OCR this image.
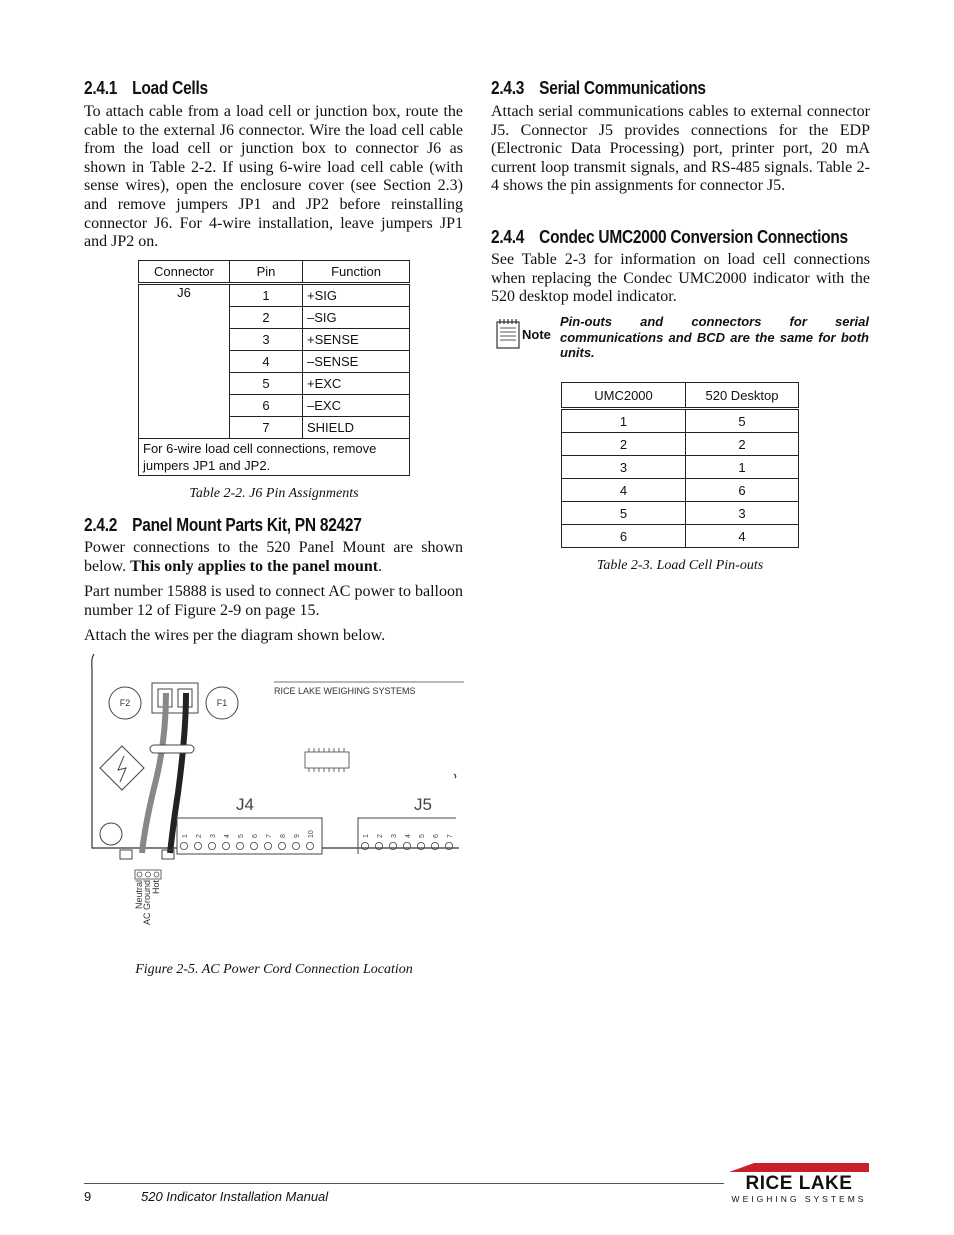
2.4.1 Load Cells

To attach cable from a load cell or junction box, route the cable to the external J6 connector. Wire the load cell cable from the load cell or junction box to connector J6 as shown in Table 2-2. If using 6-wire load cell cable (with sense wires), open the enclosure cover (see Section 2.3) and remove jumpers JP1 and JP2 before reinstalling connector J6. For 4-wire installation, leave jumpers JP1 and JP2 on.

Connector	Pin	Function
J6	1	+SIG
	2	–SIG
	3	+SENSE
	4	–SENSE
	5	+EXC
	6	–EXC
	7	SHIELD
For 6-wire load cell connections, remove jumpers JP1 and JP2.		
Table 2-2. J6 Pin Assignments
2.4.2 Panel Mount Parts Kit, PN 82427

Power connections to the 520 Panel Mount are shown below. This only applies to the panel mount.

Part number 15888 is used to connect AC power to balloon number 12 of Figure 2-9 on page 15.

Attach the wires per the diagram shown below.

F2	F1
Neutral
AC Ground Hot
RICE LAKE WEIGHING SYSTEMS
J4	J5
1 2 3 4 5 6 7 8 9 10	1 2 3 4 5 6 7
Figure 2-5. AC Power Cord Connection Location
2.4.3 Serial Communications

Attach serial communications cables to external connector J5. Connector J5 provides connections for the EDP (Electronic Data Processing) port, printer port, 20 mA current loop transmit signals, and RS-485 signals. Table 2-4 shows the pin assignments for connector J5.

2.4.4 Condec UMC2000 Conversion Connections

See Table 2-3 for information on load cell connections when replacing the Condec UMC2000 indicator with the 520 desktop model indicator.

Note
Pin-outs and connectors for serial communications and BCD are the same for both units.
UMC2000	520 Desktop
1	5
2	2
3	1
4	6
5	3
6	4
Table 2-3. Load Cell Pin-outs
9	520 Indicator Installation Manual
RICE LAKE
WEIGHING SYSTEMS
